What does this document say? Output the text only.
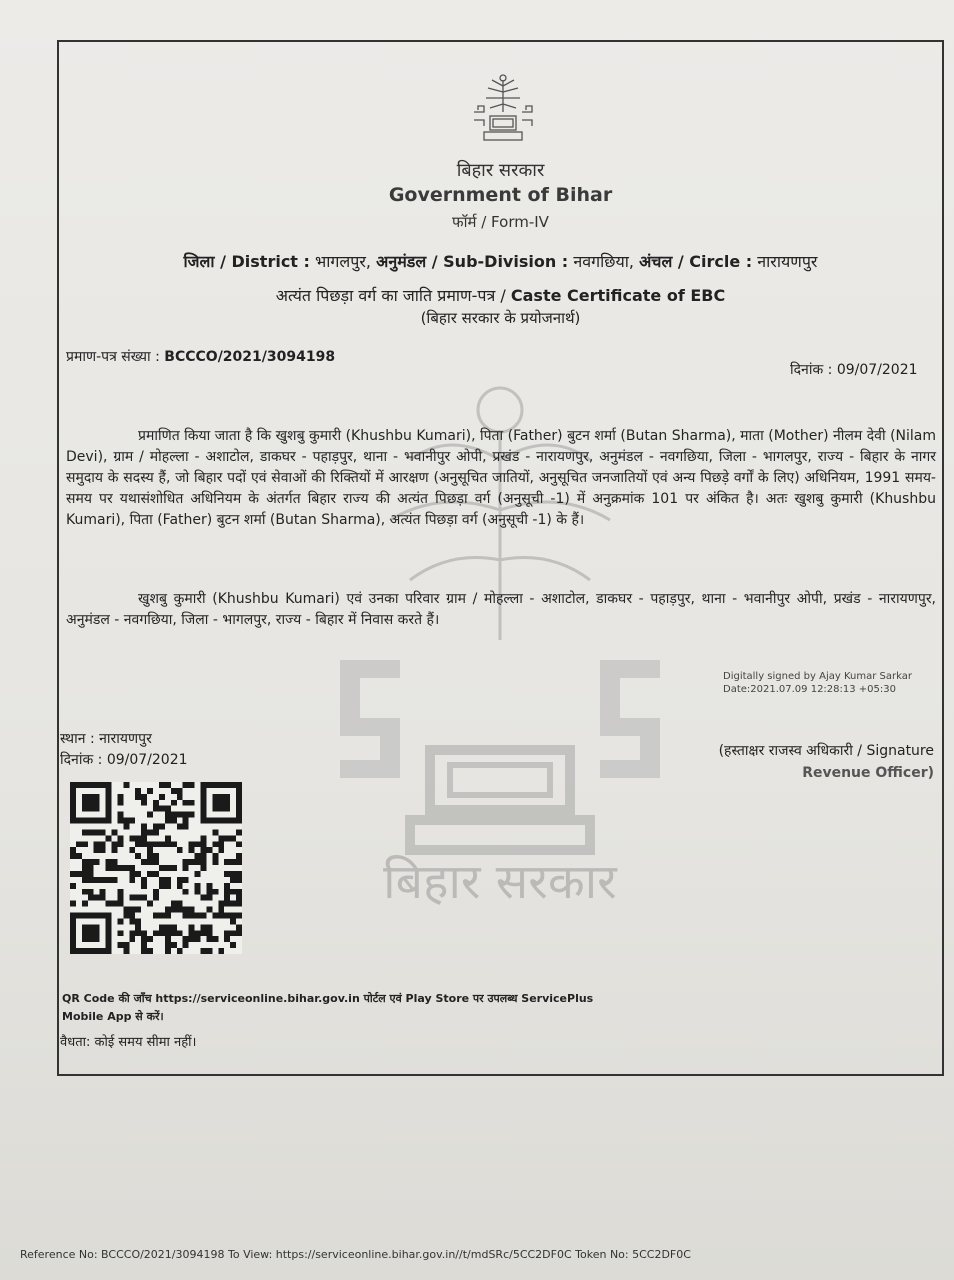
बिहार सरकार
बिहार सरकार
Government of Bihar
फॉर्म / Form-IV
जिला / District : भागलपुर, अनुमंडल / Sub-Division : नवगछिया, अंचल / Circle : नारायणपुर
अत्यंत पिछड़ा वर्ग का जाति प्रमाण-पत्र / Caste Certificate of EBC
(बिहार सरकार के प्रयोजनार्थ)
प्रमाण-पत्र संख्या : BCCCO/2021/3094198
दिनांक : 09/07/2021

प्रमाणित किया जाता है कि खुशबु कुमारी (Khushbu Kumari), पिता (Father) बुटन शर्मा (Butan Sharma), माता (Mother) नीलम देवी (Nilam Devi), ग्राम / मोहल्ला - अशाटोल, डाकघर - पहाड़पुर, थाना - भवानीपुर ओपी, प्रखंड - नारायणपुर, अनुमंडल - नवगछिया, जिला - भागलपुर, राज्य - बिहार के नागर समुदाय के सदस्य हैं, जो बिहार पदों एवं सेवाओं की रिक्तियों में आरक्षण (अनुसूचित जातियों, अनुसूचित जनजातियों एवं अन्य पिछड़े वर्गों के लिए) अधिनियम, 1991 समय-समय पर यथासंशोधित अधिनियम के अंतर्गत बिहार राज्य की अत्यंत पिछड़ा वर्ग (अनुसूची -1) में अनुक्रमांक 101 पर अंकित है। अतः खुशबु कुमारी (Khushbu Kumari), पिता (Father) बुटन शर्मा (Butan Sharma), अत्यंत पिछड़ा वर्ग (अनुसूची -1) के हैं।

खुशबु कुमारी (Khushbu Kumari) एवं उनका परिवार ग्राम / मोहल्ला - अशाटोल, डाकघर - पहाड़पुर, थाना - भवानीपुर ओपी, प्रखंड - नारायणपुर, अनुमंडल - नवगछिया, जिला - भागलपुर, राज्य - बिहार में निवास करते हैं।

Digitally signed by Ajay Kumar Sarkar
Date:2021.07.09 12:28:13 +05:30
स्थान : नारायणपुर
दिनांक : 09/07/2021
(हस्ताक्षर राजस्व अधिकारी / Signature
Revenue Officer)
QR Code की जाँच https://serviceonline.bihar.gov.in पोर्टल एवं Play Store पर उपलब्ध ServicePlus Mobile App से करें।
वैधता: कोई समय सीमा नहीं।
Reference No: BCCCO/2021/3094198 To View: https://serviceonline.bihar.gov.in//t/mdSRc/5CC2DF0C Token No: 5CC2DF0C
